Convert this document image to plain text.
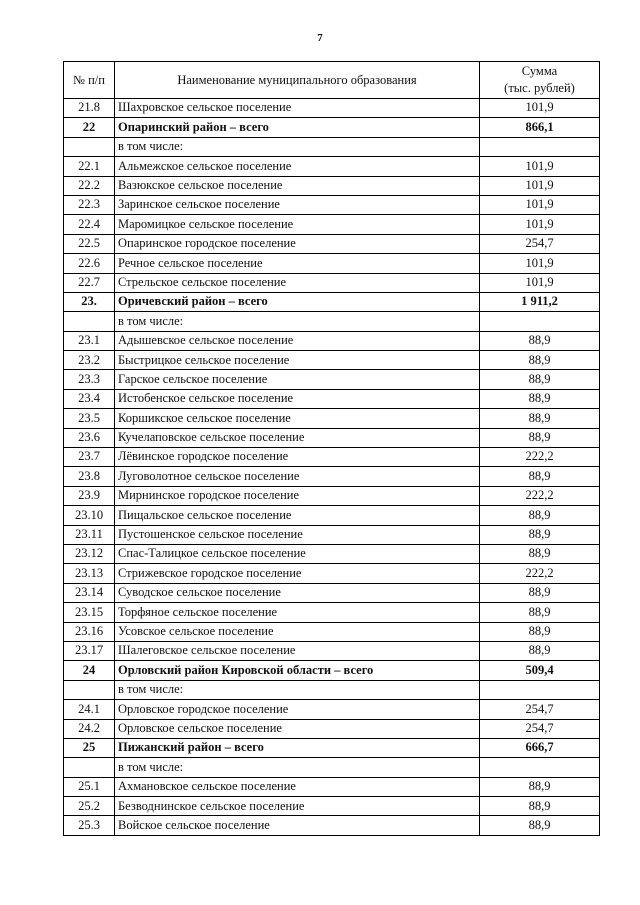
7
№ п/п	Наименование муниципального образования	Сумма
(тыс. рублей)
21.8	Шахровское сельское поселение	101,9
22	Опаринский район – всего	866,1
	в том числе:	
22.1	Альмежское сельское поселение	101,9
22.2	Вазюкское сельское поселение	101,9
22.3	Заринское сельское поселение	101,9
22.4	Маромицкое сельское поселение	101,9
22.5	Опаринское городское поселение	254,7
22.6	Речное сельское поселение	101,9
22.7	Стрельское сельское поселение	101,9
23.	Оричевский район – всего	1 911,2
	в том числе:	
23.1	Адышевское сельское поселение	88,9
23.2	Быстрицкое сельское поселение	88,9
23.3	Гарское сельское поселение	88,9
23.4	Истобенское сельское поселение	88,9
23.5	Коршикское сельское поселение	88,9
23.6	Кучелаповское сельское поселение	88,9
23.7	Лёвинское городское поселение	222,2
23.8	Луговолотное сельское поселение	88,9
23.9	Мирнинское городское поселение	222,2
23.10	Пищальское сельское поселение	88,9
23.11	Пустошенское сельское поселение	88,9
23.12	Спас-Талицкое сельское поселение	88,9
23.13	Стрижевское городское поселение	222,2
23.14	Суводское сельское поселение	88,9
23.15	Торфяное сельское поселение	88,9
23.16	Усовское сельское поселение	88,9
23.17	Шалеговское сельское поселение	88,9
24	Орловский район Кировской области – всего	509,4
	в том числе:	
24.1	Орловское городское поселение	254,7
24.2	Орловское сельское поселение	254,7
25	Пижанский район – всего	666,7
	в том числе:	
25.1	Ахмановское сельское поселение	88,9
25.2	Безводнинское сельское поселение	88,9
25.3	Войское сельское поселение	88,9
